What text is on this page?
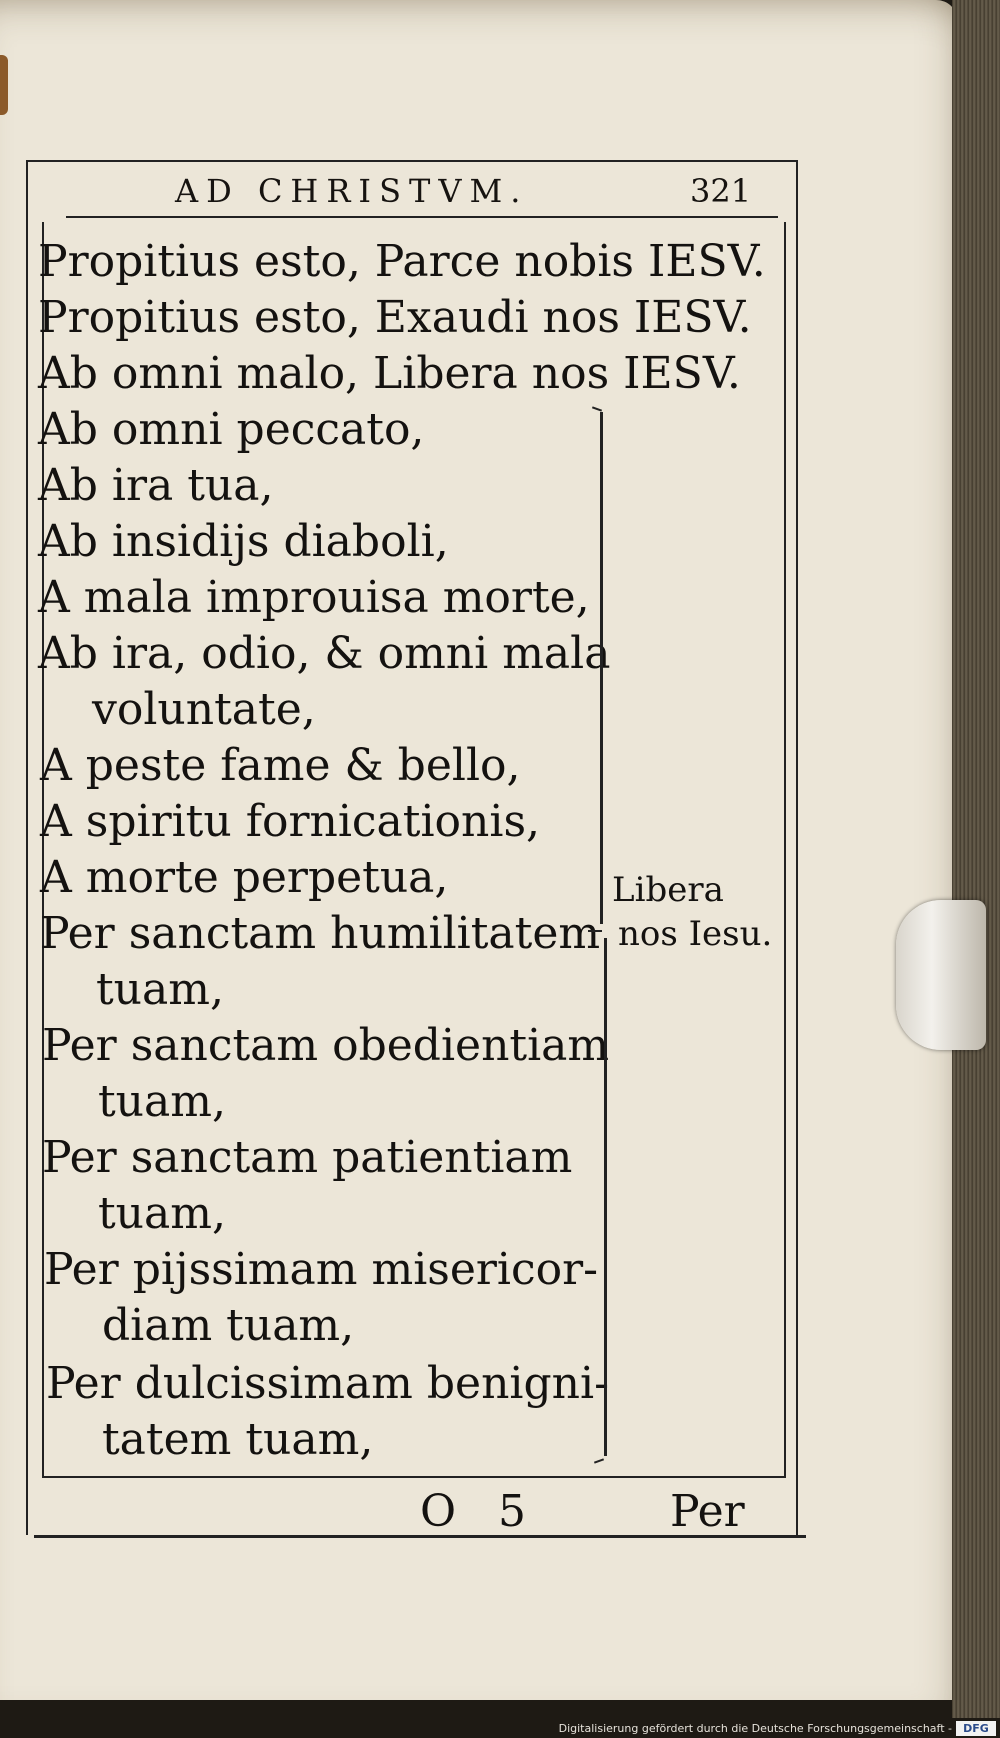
AD CHRISTVM.	321
Propitius esto, Parce nobis IESV.
Propitius esto, Exaudi nos IESV.
Ab omni malo, Libera nos IESV.
Ab omni peccato,
Ab ira tua,
Ab insidijs diaboli,
A mala improuisa morte,
Ab ira, odio, & omni mala
voluntate,
A peste fame & bello,
A spiritu fornicationis,
A morte perpetua,
Per sanctam humilitatem
tuam,
Per sanctam obedientiam
tuam,
Per sanctam patientiam
tuam,
Per pijssimam misericor-
diam tuam,
Per dulcissimam benigni-
tatem tuam,
Libera
nos Iesu.
O 5	Per
Digitalisierung gefördert durch die Deutsche Forschungsgemeinschaft -	DFG
